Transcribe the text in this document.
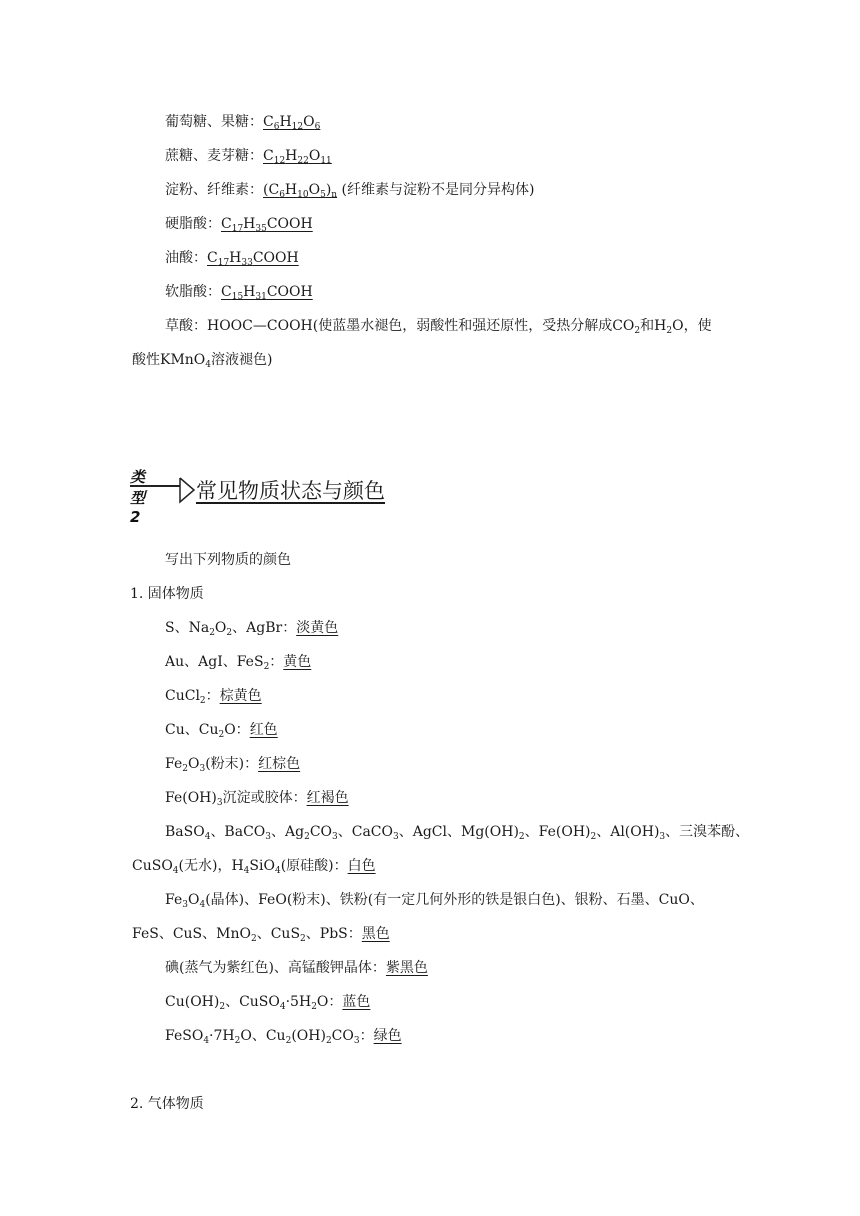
葡萄糖、果糖：$C_6H_{12}O_6$
蔗糖、麦芽糖：$C_{12}H_{22}O_{11}$
淀粉、纤维素：$(C_6H_{10}O_5)_n$ (纤维素与淀粉不是同分异构体)
硬脂酸：$C_{17}H_{35}COOH$
油酸：$C_{17}H_{33}COOH$
软脂酸：$C_{15}H_{31}COOH$
草酸：HOOC—COOH(使蓝墨水褪色，弱酸性和强还原性，受热分解成$CO_2$和$H_2O$，使
酸性KMnO$_4$溶液褪色)
类型2
常见物质状态与颜色
写出下列物质的颜色
1. 固体物质
S、$Na_2O_2$、AgBr：淡黄色
Au、AgI、FeS$_2$：黄色
CuCl$_2$：棕黄色
Cu、$Cu_2O$：红色
$Fe_2O_3$(粉末)：红棕色
$Fe(OH)_3$沉淀或胶体：红褐色
BaSO$_4$、BaCO$_3$、$Ag_2CO_3$、CaCO$_3$、AgCl、$Mg(OH)_2$、$Fe(OH)_2$、$Al(OH)_3$、三溴苯酚、
CuSO$_4$(无水)，$H_4SiO_4$(原硅酸)：白色
$Fe_3O_4$(晶体)、FeO(粉末)、铁粉(有一定几何外形的铁是银白色)、银粉、石墨、CuO、
FeS、CuS、MnO$_2$、CuS$_2$、PbS：黑色
碘(蒸气为紫红色)、高锰酸钾晶体：紫黑色
$Cu(OH)_2$、$CuSO_4\cdot 5H_2O$：蓝色
$FeSO_4\cdot 7H_2O$、$Cu_2(OH)_2CO_3$：绿色
2. 气体物质
